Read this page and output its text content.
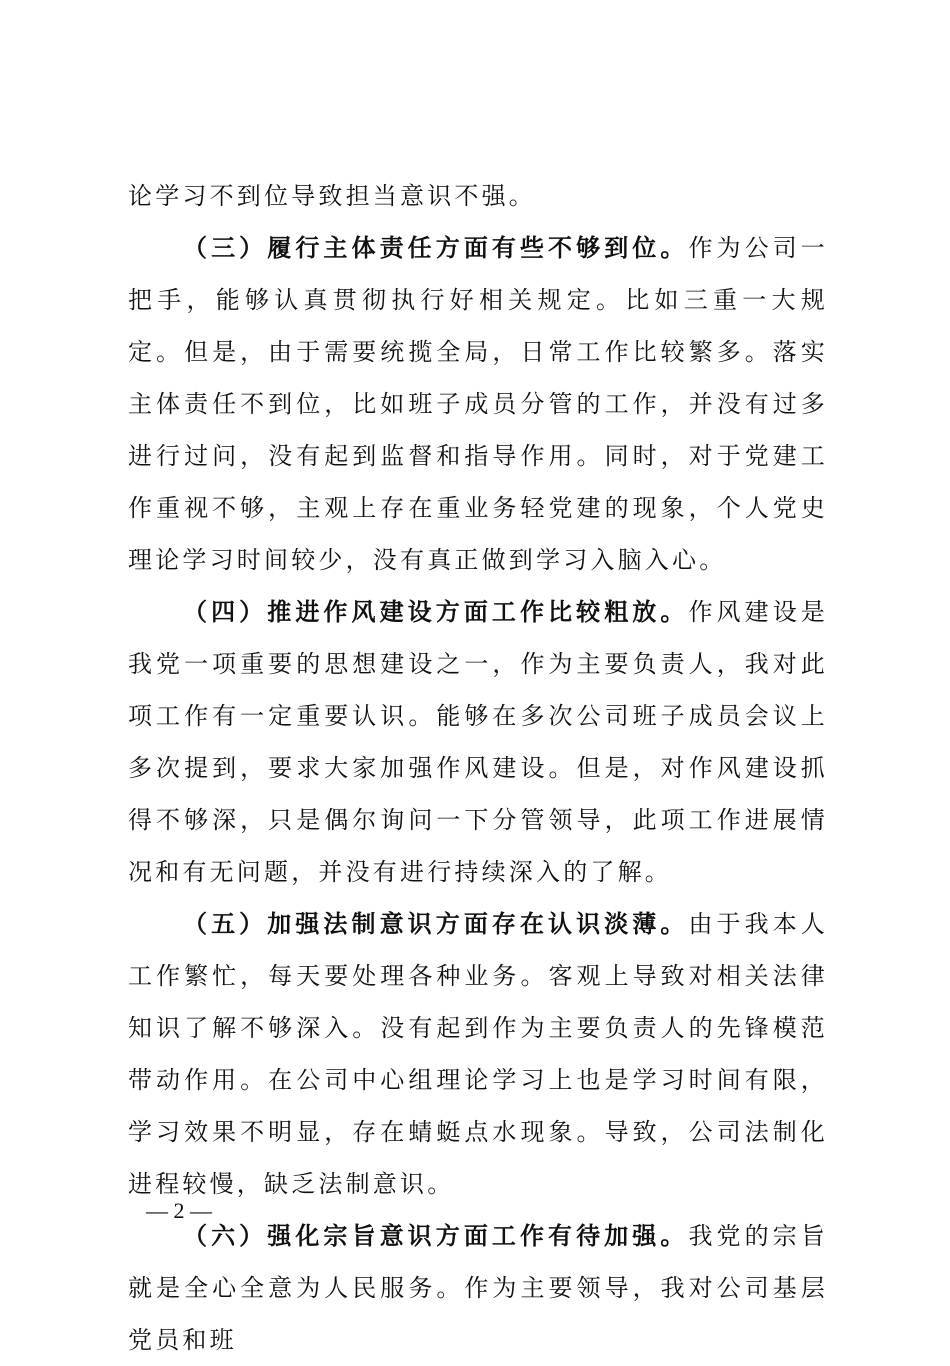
论学习不到位导致担当意识不强。

（三）履行主体责任方面有些不够到位。作为公司一把手，能够认真贯彻执行好相关规定。比如三重一大规定。但是，由于需要统揽全局，日常工作比较繁多。落实主体责任不到位，比如班子成员分管的工作，并没有过多进行过问，没有起到监督和指导作用。同时，对于党建工作重视不够，主观上存在重业务轻党建的现象，个人党史理论学习时间较少，没有真正做到学习入脑入心。

（四）推进作风建设方面工作比较粗放。作风建设是我党一项重要的思想建设之一，作为主要负责人，我对此项工作有一定重要认识。能够在多次公司班子成员会议上多次提到，要求大家加强作风建设。但是，对作风建设抓得不够深，只是偶尔询问一下分管领导，此项工作进展情况和有无问题，并没有进行持续深入的了解。

（五）加强法制意识方面存在认识淡薄。由于我本人工作繁忙，每天要处理各种业务。客观上导致对相关法律知识了解不够深入。没有起到作为主要负责人的先锋模范带动作用。在公司中心组理论学习上也是学习时间有限，学习效果不明显，存在蜻蜓点水现象。导致，公司法制化进程较慢，缺乏法制意识。

（六）强化宗旨意识方面工作有待加强。我党的宗旨就是全心全意为人民服务。作为主要领导，我对公司基层党员和班

— 2 —
